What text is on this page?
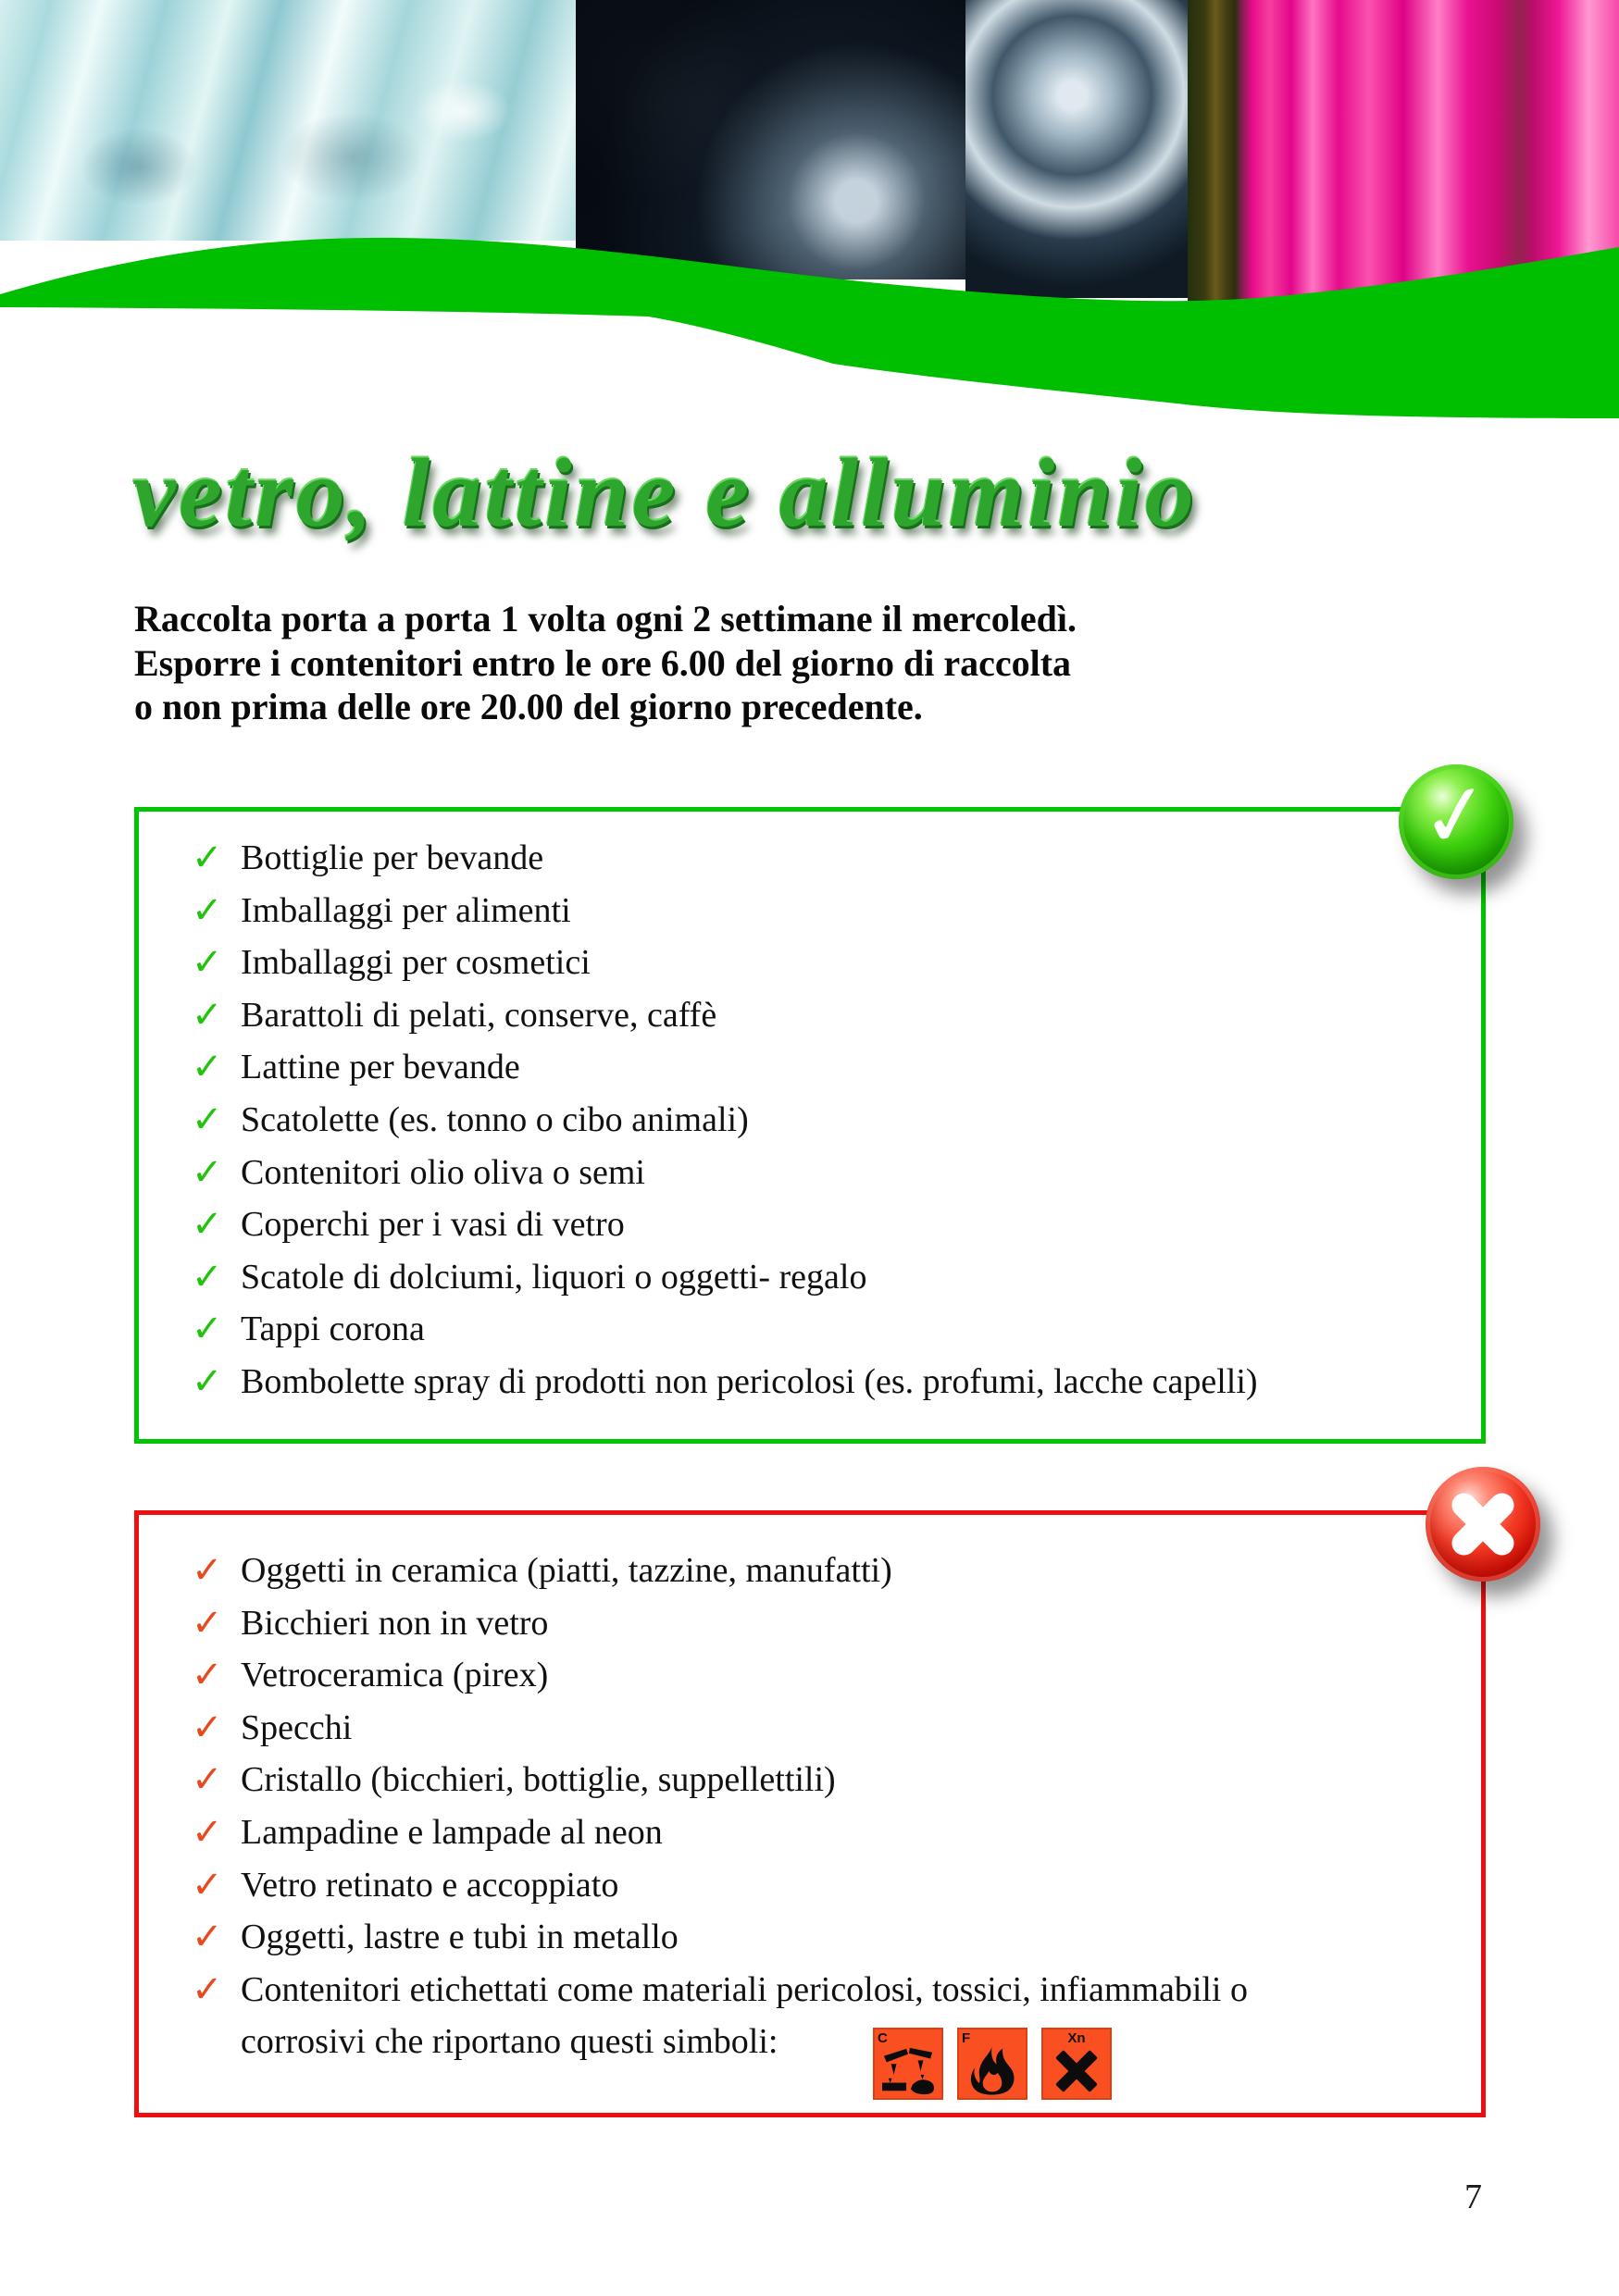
vetro, lattine e alluminio
Raccolta porta a porta 1 volta ogni 2 settimane il mercoledì.
Esporre i contenitori entro le ore 6.00 del giorno di raccolta
o non prima delle ore 20.00 del giorno precedente.
✓ Bottiglie per bevande
✓ Imballaggi per alimenti
✓ Imballaggi per cosmetici
✓ Barattoli di pelati, conserve, caffè
✓ Lattine per bevande
✓ Scatolette (es. tonno o cibo animali)
✓ Contenitori olio oliva o semi
✓ Coperchi per i vasi di vetro
✓ Scatole di dolciumi, liquori o oggetti- regalo
✓ Tappi corona
✓ Bombolette spray di prodotti non pericolosi (es. profumi, lacche capelli)
✓
✓ Oggetti in ceramica (piatti, tazzine, manufatti)
✓ Bicchieri non in vetro
✓ Vetroceramica (pirex)
✓ Specchi
✓ Cristallo (bicchieri, bottiglie, suppellettili)
✓ Lampadine e lampade al neon
✓ Vetro retinato e accoppiato
✓ Oggetti, lastre e tubi in metallo
✓ Contenitori etichettati come materiali pericolosi, tossici, infiammabili o
corrosivi che riportano questi simboli:	C	F	Xn
7
